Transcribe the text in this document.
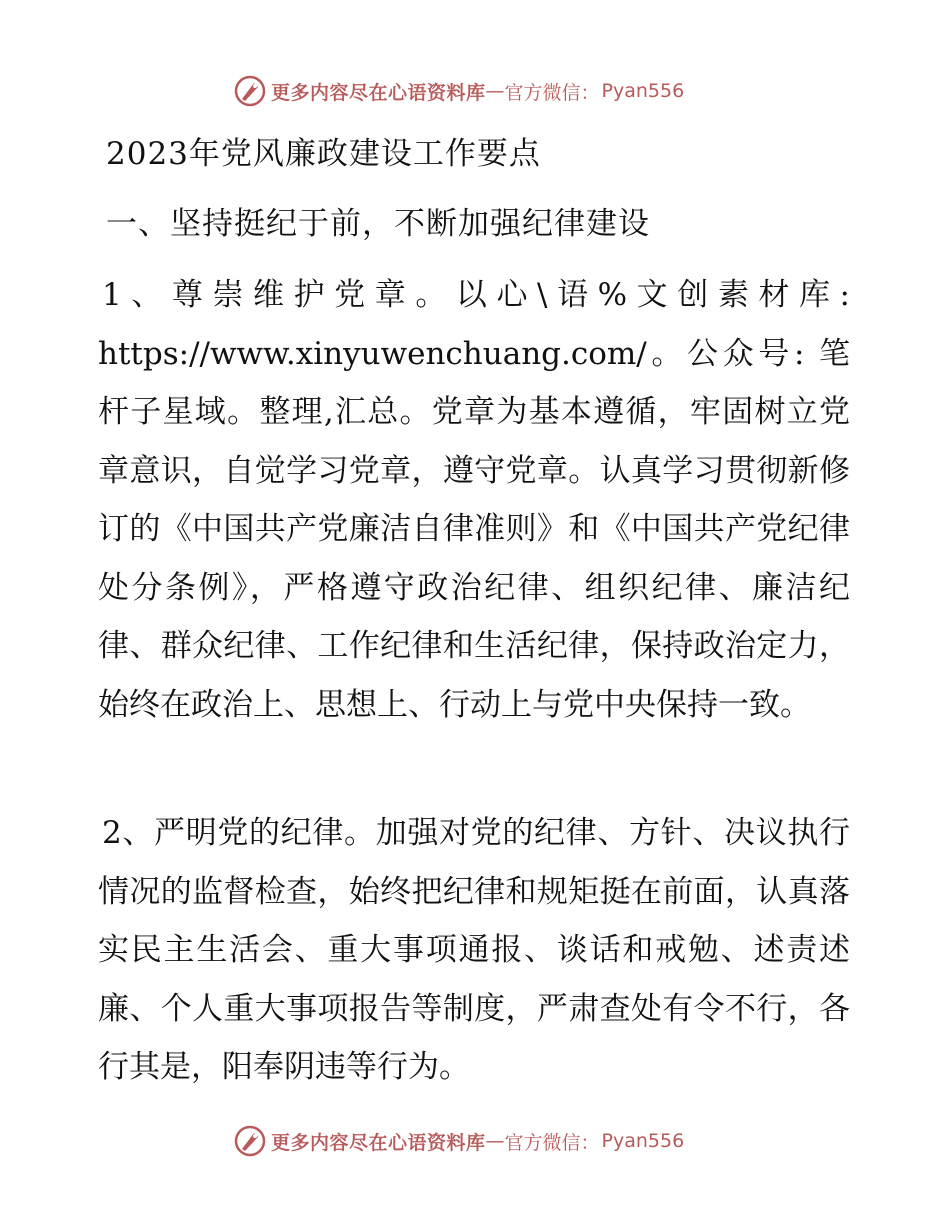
更多内容尽在心语资料库 — 官方微信： Pyan556
2023年党风廉政建设工作要点
一、坚持挺纪于前，不断加强纪律建设

1、尊崇维护党章。以心\语%文创素材库: https://www.xinyuwenchuang.com/。公众号: 笔杆子星域。整理,汇总。党章为基本遵循，牢固树立党章意识，自觉学习党章，遵守党章。认真学习贯彻新修订的《中国共产党廉洁自律准则》和《中国共产党纪律处分条例》，严格遵守政治纪律、组织纪律、廉洁纪律、群众纪律、工作纪律和生活纪律，保持政治定力，始终在政治上、思想上、行动上与党中央保持一致。

2、严明党的纪律。加强对党的纪律、方针、决议执行情况的监督检查，始终把纪律和规矩挺在前面，认真落实民主生活会、重大事项通报、谈话和戒勉、述责述廉、个人重大事项报告等制度，严肃查处有令不行，各行其是，阳奉阴违等行为。

更多内容尽在心语资料库 — 官方微信： Pyan556
